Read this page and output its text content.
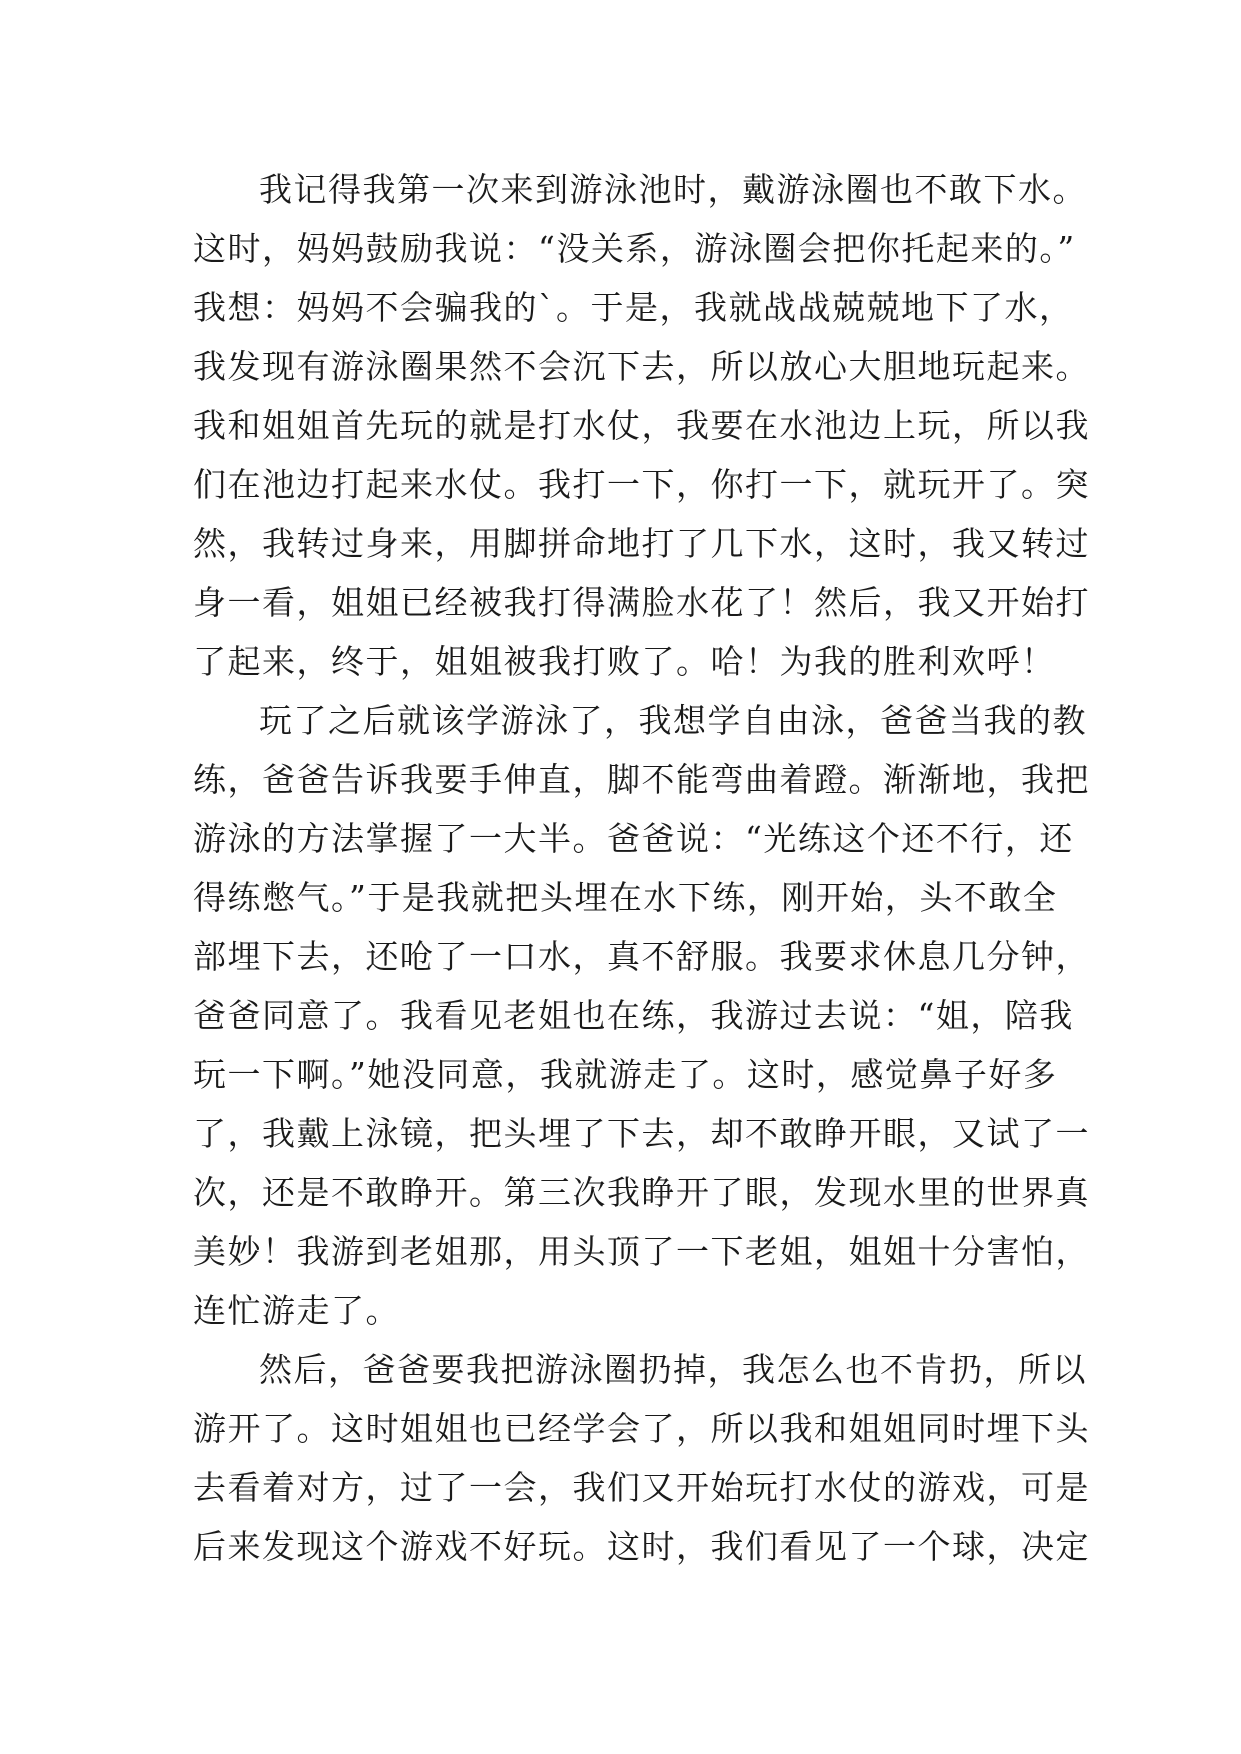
我记得我第一次来到游泳池时，戴游泳圈也不敢下水。
这时，妈妈鼓励我说：“没关系，游泳圈会把你托起来的。”
我想：妈妈不会骗我的`。于是，我就战战兢兢地下了水，
我发现有游泳圈果然不会沉下去，所以放心大胆地玩起来。
我和姐姐首先玩的就是打水仗，我要在水池边上玩，所以我
们在池边打起来水仗。我打一下，你打一下，就玩开了。突
然，我转过身来，用脚拼命地打了几下水，这时，我又转过
身一看，姐姐已经被我打得满脸水花了！然后，我又开始打
了起来，终于，姐姐被我打败了。哈！为我的胜利欢呼！
玩了之后就该学游泳了，我想学自由泳，爸爸当我的教
练，爸爸告诉我要手伸直，脚不能弯曲着蹬。渐渐地，我把
游泳的方法掌握了一大半。爸爸说：“光练这个还不行，还
得练憋气。”于是我就把头埋在水下练，刚开始，头不敢全
部埋下去，还呛了一口水，真不舒服。我要求休息几分钟，
爸爸同意了。我看见老姐也在练，我游过去说：“姐，陪我
玩一下啊。”她没同意，我就游走了。这时，感觉鼻子好多
了，我戴上泳镜，把头埋了下去，却不敢睁开眼，又试了一
次，还是不敢睁开。第三次我睁开了眼，发现水里的世界真
美妙！我游到老姐那，用头顶了一下老姐，姐姐十分害怕，
连忙游走了。
然后，爸爸要我把游泳圈扔掉，我怎么也不肯扔，所以
游开了。这时姐姐也已经学会了，所以我和姐姐同时埋下头
去看着对方，过了一会，我们又开始玩打水仗的游戏，可是
后来发现这个游戏不好玩。这时，我们看见了一个球，决定
